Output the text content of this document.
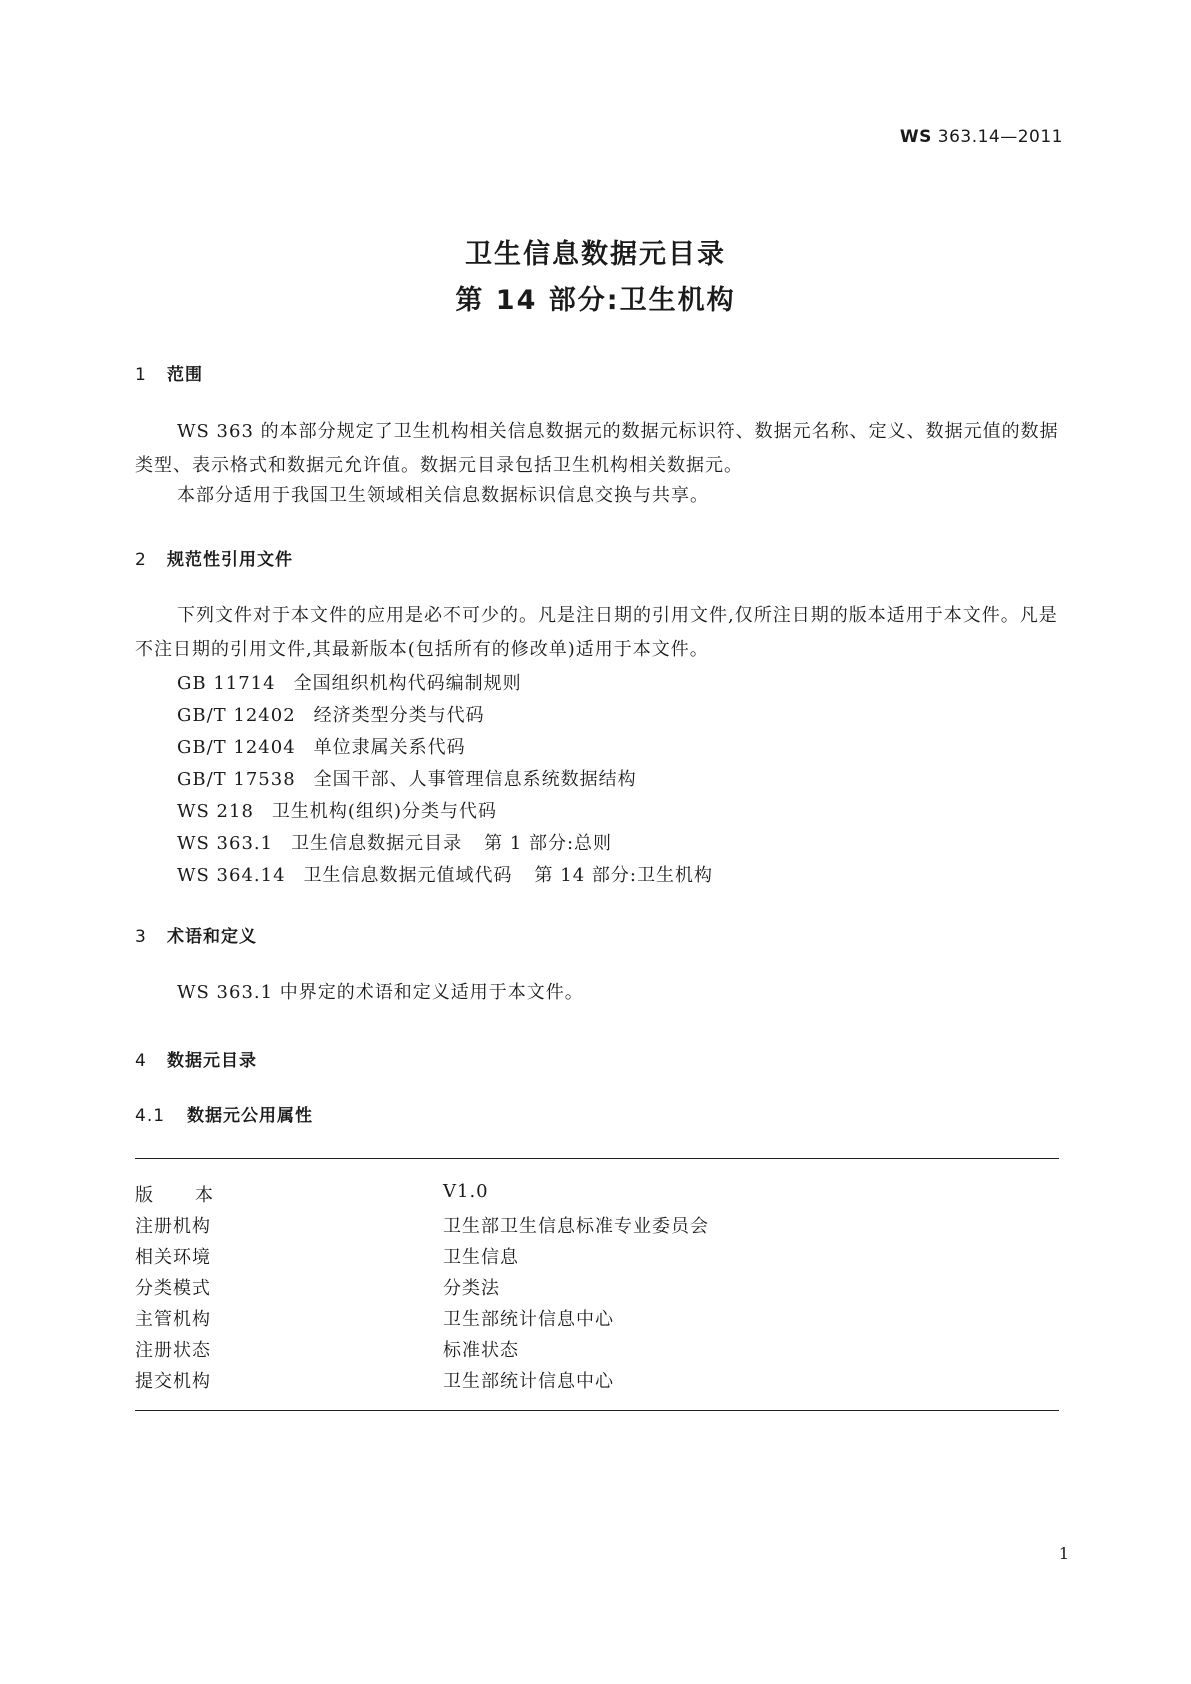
WS 363.14—2011
卫生信息数据元目录
第 14 部分:卫生机构
1 范围
WS 363 的本部分规定了卫生机构相关信息数据元的数据元标识符、数据元名称、定义、数据元值的数据类型、表示格式和数据元允许值。数据元目录包括卫生机构相关数据元。
本部分适用于我国卫生领域相关信息数据标识信息交换与共享。
2 规范性引用文件
下列文件对于本文件的应用是必不可少的。凡是注日期的引用文件,仅所注日期的版本适用于本文件。凡是不注日期的引用文件,其最新版本(包括所有的修改单)适用于本文件。
GB 11714 全国组织机构代码编制规则
GB/T 12402 经济类型分类与代码
GB/T 12404 单位隶属关系代码
GB/T 17538 全国干部、人事管理信息系统数据结构
WS 218 卫生机构(组织)分类与代码
WS 363.1 卫生信息数据元目录 第 1 部分:总则
WS 364.14 卫生信息数据元值域代码 第 14 部分:卫生机构
3 术语和定义
WS 363.1 中界定的术语和定义适用于本文件。
4 数据元目录
4.1 数据元公用属性
版本	V1.0
注册机构	卫生部卫生信息标准专业委员会
相关环境	卫生信息
分类模式	分类法
主管机构	卫生部统计信息中心
注册状态	标准状态
提交机构	卫生部统计信息中心
1
